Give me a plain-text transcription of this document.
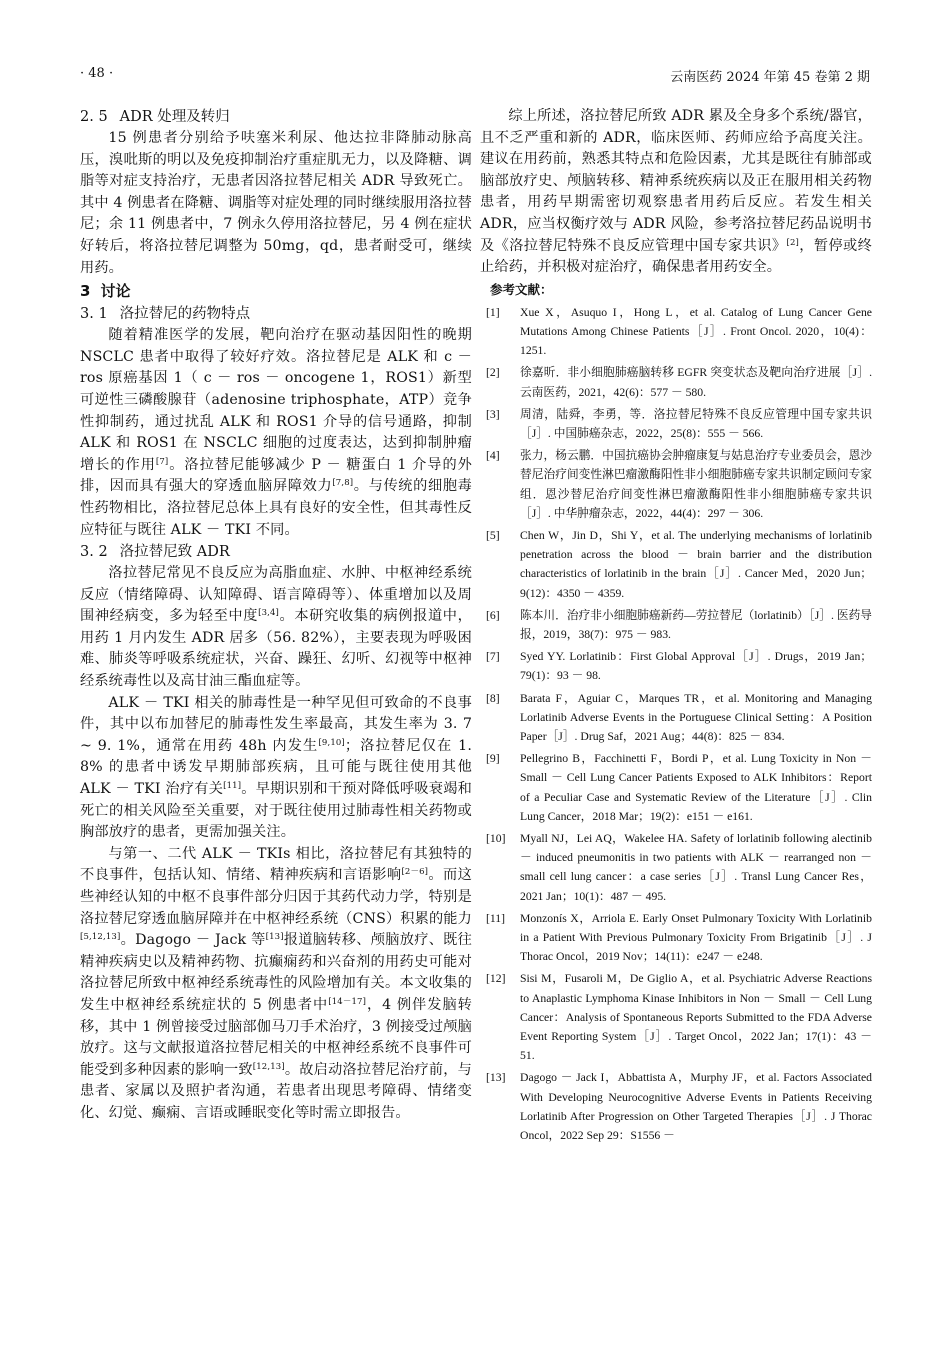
· 48 ·	云南医药 2024 年第 45 卷第 2 期

2. 5 ADR 处理及转归

15 例患者分别给予呋塞米利尿、他达拉非降肺动脉高压，溴吡斯的明以及免疫抑制治疗重症肌无力，以及降糖、调脂等对症支持治疗，无患者因洛拉替尼相关 ADR 导致死亡。其中 4 例患者在降糖、调脂等对症处理的同时继续服用洛拉替尼；余 11 例患者中，7 例永久停用洛拉替尼，另 4 例在症状好转后，将洛拉替尼调整为 50mg，qd，患者耐受可，继续用药。

3 讨论

3. 1 洛拉替尼的药物特点

随着精准医学的发展，靶向治疗在驱动基因阳性的晚期 NSCLC 患者中取得了较好疗效。洛拉替尼是 ALK 和 c － ros 原癌基因 1（ c － ros － oncogene 1，ROS1）新型可逆性三磷酸腺苷（adenosine triphosphate，ATP）竞争性抑制药，通过扰乱 ALK 和 ROS1 介导的信号通路，抑制 ALK 和 ROS1 在 NSCLC 细胞的过度表达，达到抑制肿瘤增长的作用[7]。洛拉替尼能够减少 P － 糖蛋白 1 介导的外排，因而具有强大的穿透血脑屏障效力[7,8]。与传统的细胞毒性药物相比，洛拉替尼总体上具有良好的安全性，但其毒性反应特征与既往 ALK － TKI 不同。

3. 2 洛拉替尼致 ADR

洛拉替尼常见不良反应为高脂血症、水肿、中枢神经系统反应（情绪障碍、认知障碍、语言障碍等）、体重增加以及周围神经病变，多为轻至中度[3,4]。本研究收集的病例报道中，用药 1 月内发生 ADR 居多（56. 82%），主要表现为呼吸困难、肺炎等呼吸系统症状，兴奋、躁狂、幻听、幻视等中枢神经系统毒性以及高甘油三酯血症等。

ALK － TKI 相关的肺毒性是一种罕见但可致命的不良事件，其中以布加替尼的肺毒性发生率最高，其发生率为 3. 7 ~ 9. 1%，通常在用药 48h 内发生[9,10]；洛拉替尼仅在 1. 8% 的患者中诱发早期肺部疾病，且可能与既往使用其他 ALK － TKI 治疗有关[11]。早期识别和干预对降低呼吸衰竭和死亡的相关风险至关重要，对于既往使用过肺毒性相关药物或胸部放疗的患者，更需加强关注。

与第一、二代 ALK － TKIs 相比，洛拉替尼有其独特的不良事件，包括认知、情绪、精神疾病和言语影响[2－6]。而这些神经认知的中枢不良事件部分归因于其药代动力学，特别是洛拉替尼穿透血脑屏障并在中枢神经系统（CNS）积累的能力[5,12,13]。Dagogo － Jack 等[13]报道脑转移、颅脑放疗、既往精神疾病史以及精神药物、抗癫痫药和兴奋剂的用药史可能对洛拉替尼所致中枢神经系统毒性的风险增加有关。本文收集的发生中枢神经系统症状的 5 例患者中[14－17]，4 例伴发脑转移，其中 1 例曾接受过脑部伽马刀手术治疗，3 例接受过颅脑放疗。这与文献报道洛拉替尼相关的中枢神经系统不良事件可能受到多种因素的影响一致[12,13]。故启动洛拉替尼治疗前，与患者、家属以及照护者沟通，若患者出现思考障碍、情绪变化、幻觉、癫痫、言语或睡眠变化等时需立即报告。

综上所述，洛拉替尼所致 ADR 累及全身多个系统/器官，且不乏严重和新的 ADR，临床医师、药师应给予高度关注。建议在用药前，熟悉其特点和危险因素，尤其是既往有肺部或脑部放疗史、颅脑转移、精神系统疾病以及正在服用相关药物患者，用药早期需密切观察患者用药后反应。若发生相关 ADR，应当权衡疗效与 ADR 风险，参考洛拉替尼药品说明书及《洛拉替尼特殊不良反应管理中国专家共识》[2]，暂停或终止给药，并积极对症治疗，确保患者用药安全。

参考文献：
[1] Xue X，Asuquo I，Hong L，et al. Catalog of Lung Cancer Gene Mutations Among Chinese Patients［J］. Front Oncol. 2020，10(4)：1251.
[2] 徐嘉昕．非小细胞肺癌脑转移 EGFR 突变状态及靶向治疗进展［J］. 云南医药，2021，42(6)：577 － 580.
[3] 周清，陆舜，李勇，等．洛拉替尼特殊不良反应管理中国专家共识［J］. 中国肺癌杂志，2022，25(8)：555 － 566.
[4] 张力，杨云鹏．中国抗癌协会肿瘤康复与姑息治疗专业委员会，恩沙替尼治疗间变性淋巴瘤激酶阳性非小细胞肺癌专家共识制定顾问专家组．恩沙替尼治疗间变性淋巴瘤激酶阳性非小细胞肺癌专家共识［J］. 中华肿瘤杂志，2022，44(4)：297 － 306.
[5] Chen W，Jin D，Shi Y，et al. The underlying mechanisms of lorlatinib penetration across the blood － brain barrier and the distribution characteristics of lorlatinib in the brain［J］. Cancer Med，2020 Jun；9(12)：4350 － 4359.
[6] 陈本川．治疗非小细胞肺癌新药—劳拉替尼（lorlatinib）［J］. 医药导报，2019，38(7)：975 － 983.
[7] Syed YY. Lorlatinib：First Global Approval［J］. Drugs，2019 Jan；79(1)：93 － 98.
[8] Barata F，Aguiar C，Marques TR，et al. Monitoring and Managing Lorlatinib Adverse Events in the Portuguese Clinical Setting：A Position Paper［J］. Drug Saf，2021 Aug；44(8)：825 － 834.
[9] Pellegrino B，Facchinetti F，Bordi P，et al. Lung Toxicity in Non － Small － Cell Lung Cancer Patients Exposed to ALK Inhibitors：Report of a Peculiar Case and Systematic Review of the Literature［J］. Clin Lung Cancer，2018 Mar；19(2)：e151 － e161.
[10] Myall NJ，Lei AQ，Wakelee HA. Safety of lorlatinib following alectinib － induced pneumonitis in two patients with ALK － rearranged non － small cell lung cancer：a case series［J］. Transl Lung Cancer Res，2021 Jan；10(1)：487 － 495.
[11] Monzonís X，Arriola E. Early Onset Pulmonary Toxicity With Lorlatinib in a Patient With Previous Pulmonary Toxicity From Brigatinib［J］. J Thorac Oncol，2019 Nov；14(11)：e247 － e248.
[12] Sisi M，Fusaroli M，De Giglio A，et al. Psychiatric Adverse Reactions to Anaplastic Lymphoma Kinase Inhibitors in Non － Small － Cell Lung Cancer：Analysis of Spontaneous Reports Submitted to the FDA Adverse Event Reporting System［J］. Target Oncol，2022 Jan；17(1)：43 － 51.
[13] Dagogo － Jack I，Abbattista A，Murphy JF，et al. Factors Associated With Developing Neurocognitive Adverse Events in Patients Receiving Lorlatinib After Progression on Other Targeted Therapies［J］. J Thorac Oncol，2022 Sep 29：S1556 －
